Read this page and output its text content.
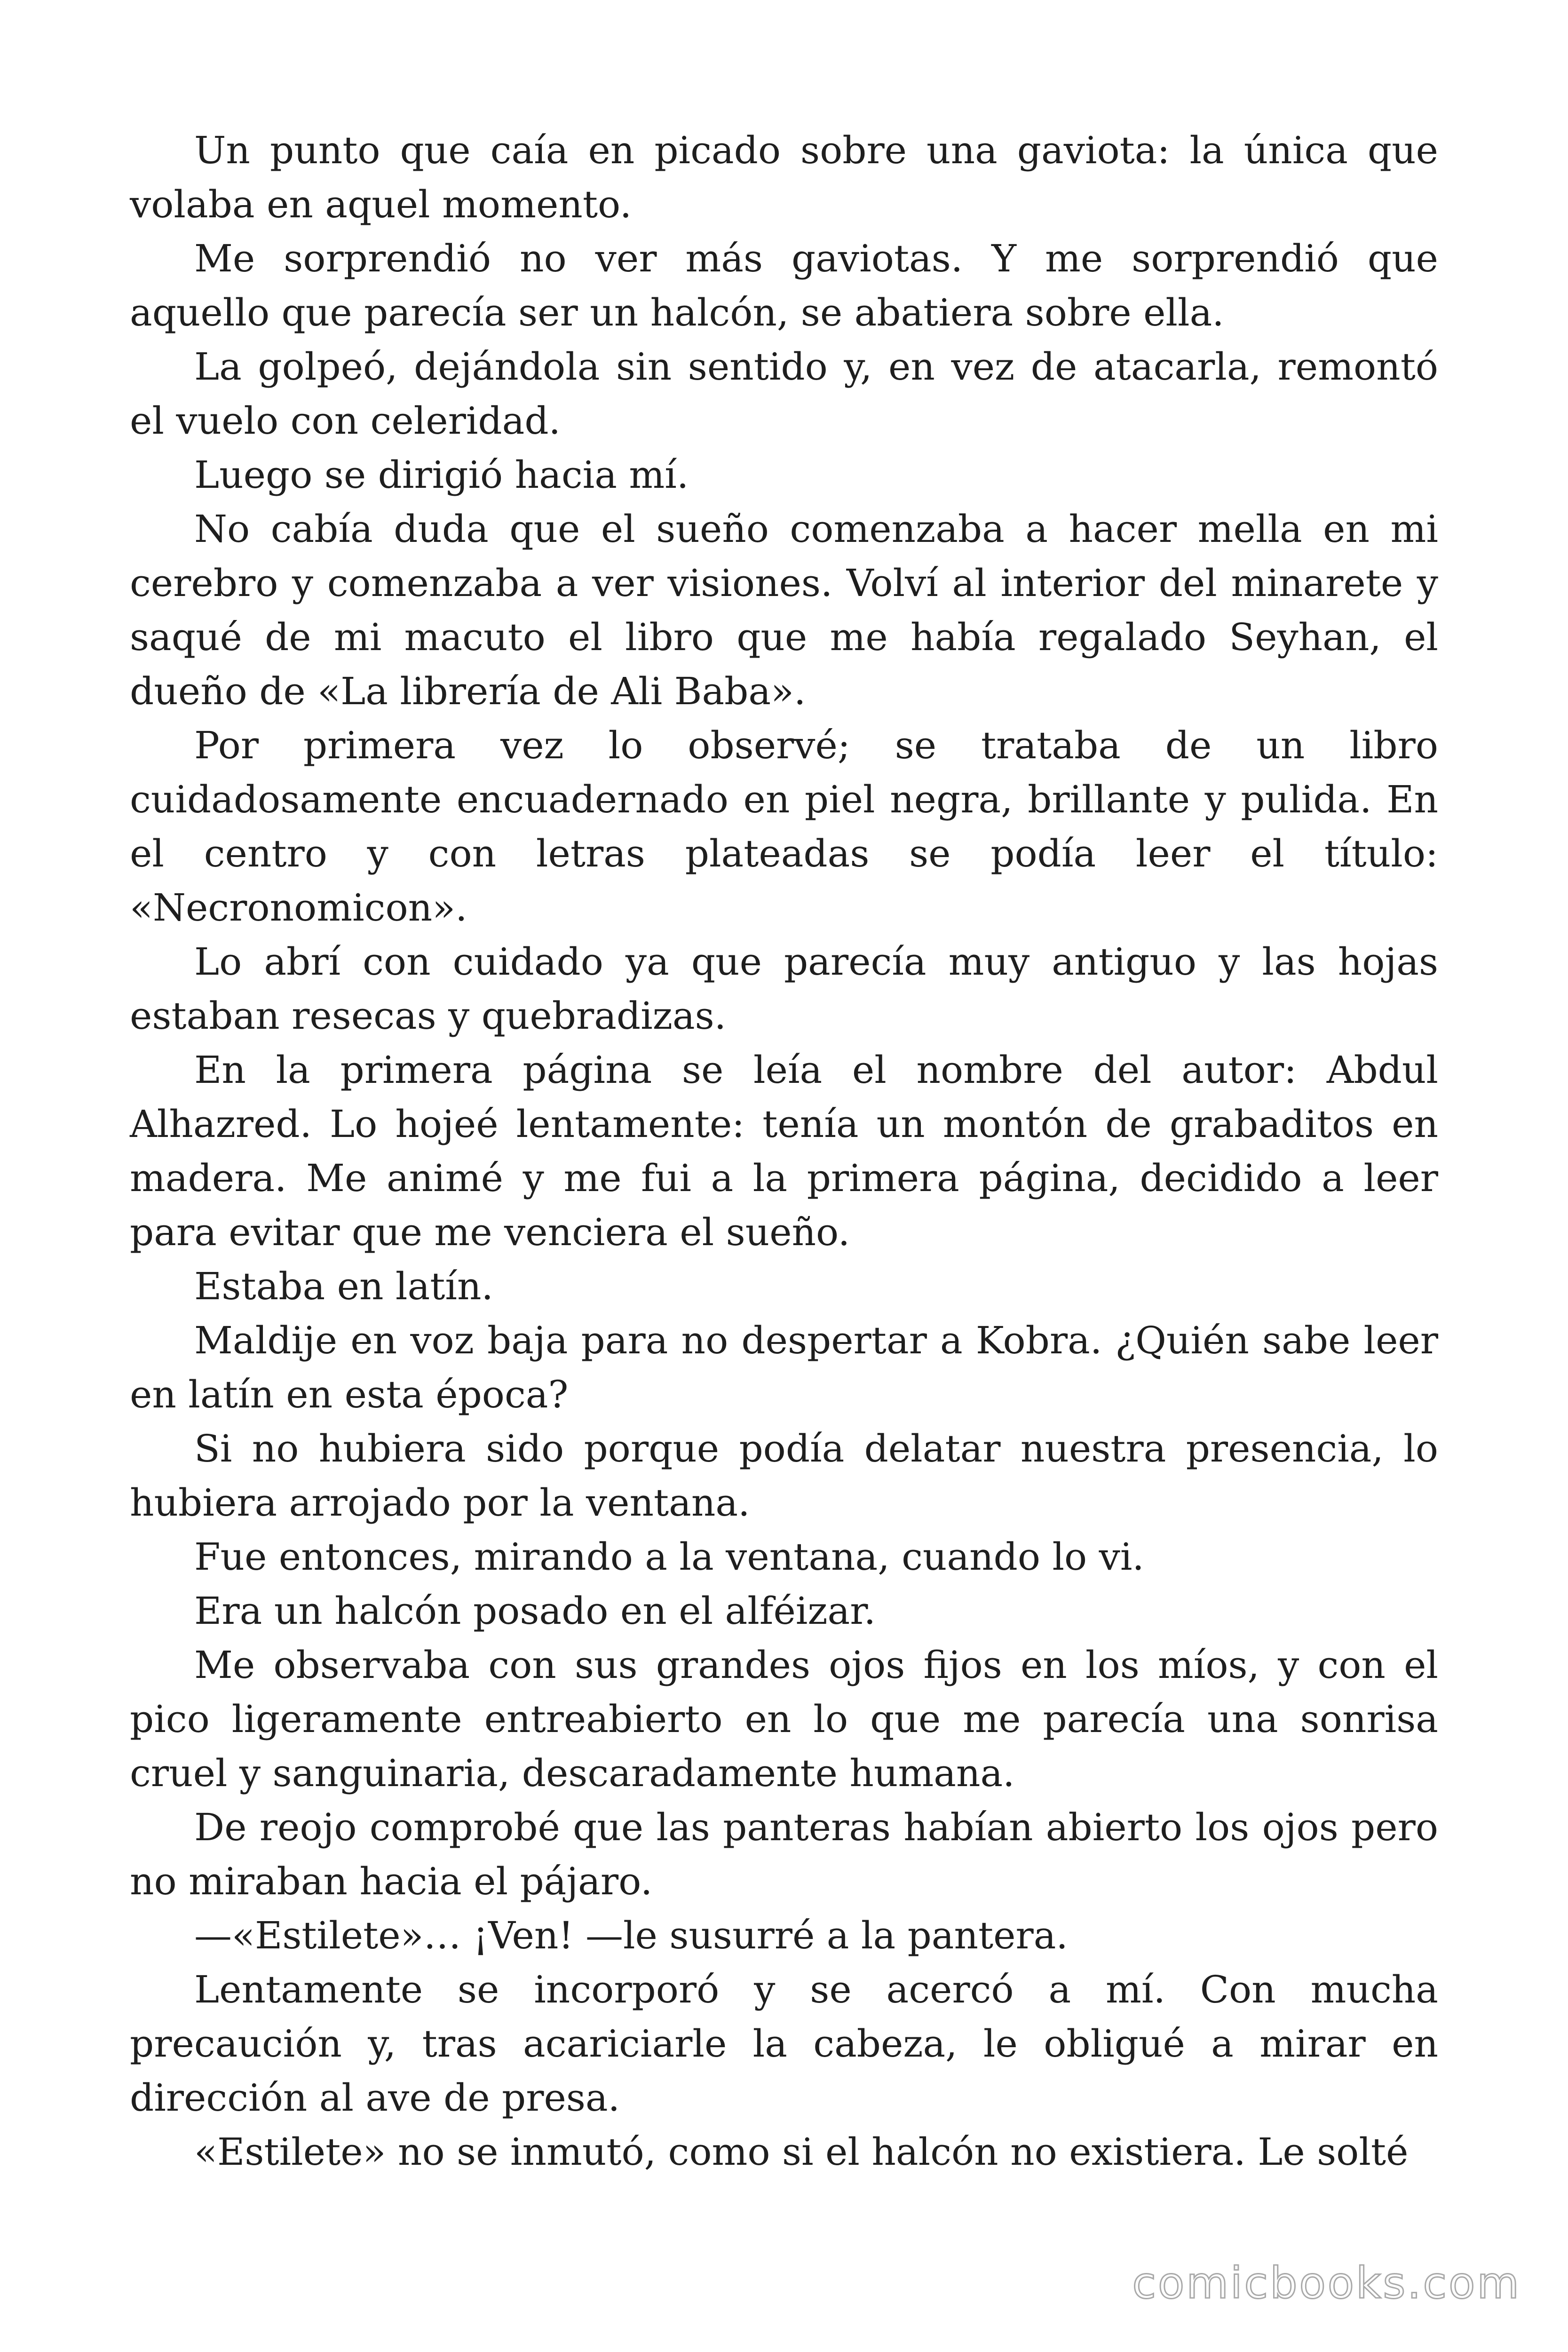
Un punto que caía en picado sobre una gaviota: la única que volaba en aquel momento.

Me sorprendió no ver más gaviotas. Y me sorprendió que aquello que parecía ser un halcón, se abatiera sobre ella.

La golpeó, dejándola sin sentido y, en vez de atacarla, remontó el vuelo con celeridad.

Luego se dirigió hacia mí.

No cabía duda que el sueño comenzaba a hacer mella en mi cerebro y comenzaba a ver visiones. Volví al interior del minarete y saqué de mi macuto el libro que me había regalado Seyhan, el dueño de «La librería de Ali Baba».

Por primera vez lo observé; se trataba de un libro cuidadosamente encuadernado en piel negra, brillante y pulida. En el centro y con letras plateadas se podía leer el título: «Necronomicon».

Lo abrí con cuidado ya que parecía muy antiguo y las hojas estaban resecas y quebradizas.

En la primera página se leía el nombre del autor: Abdul Alhazred. Lo hojeé lentamente: tenía un montón de grabaditos en madera. Me animé y me fui a la primera página, decidido a leer para evitar que me venciera el sueño.

Estaba en latín.

Maldije en voz baja para no despertar a Kobra. ¿Quién sabe leer en latín en esta época?

Si no hubiera sido porque podía delatar nuestra presencia, lo hubiera arrojado por la ventana.

Fue entonces, mirando a la ventana, cuando lo vi.

Era un halcón posado en el alféizar.

Me observaba con sus grandes ojos fijos en los míos, y con el pico ligeramente entreabierto en lo que me parecía una sonrisa cruel y sanguinaria, descaradamente humana.

De reojo comprobé que las panteras habían abierto los ojos pero no miraban hacia el pájaro.

—«Estilete»… ¡Ven! —le susurré a la pantera.

Lentamente se incorporó y se acercó a mí. Con mucha precaución y, tras acariciarle la cabeza, le obligué a mirar en dirección al ave de presa.

«Estilete» no se inmutó, como si el halcón no existiera. Le solté

comicbooks.com
